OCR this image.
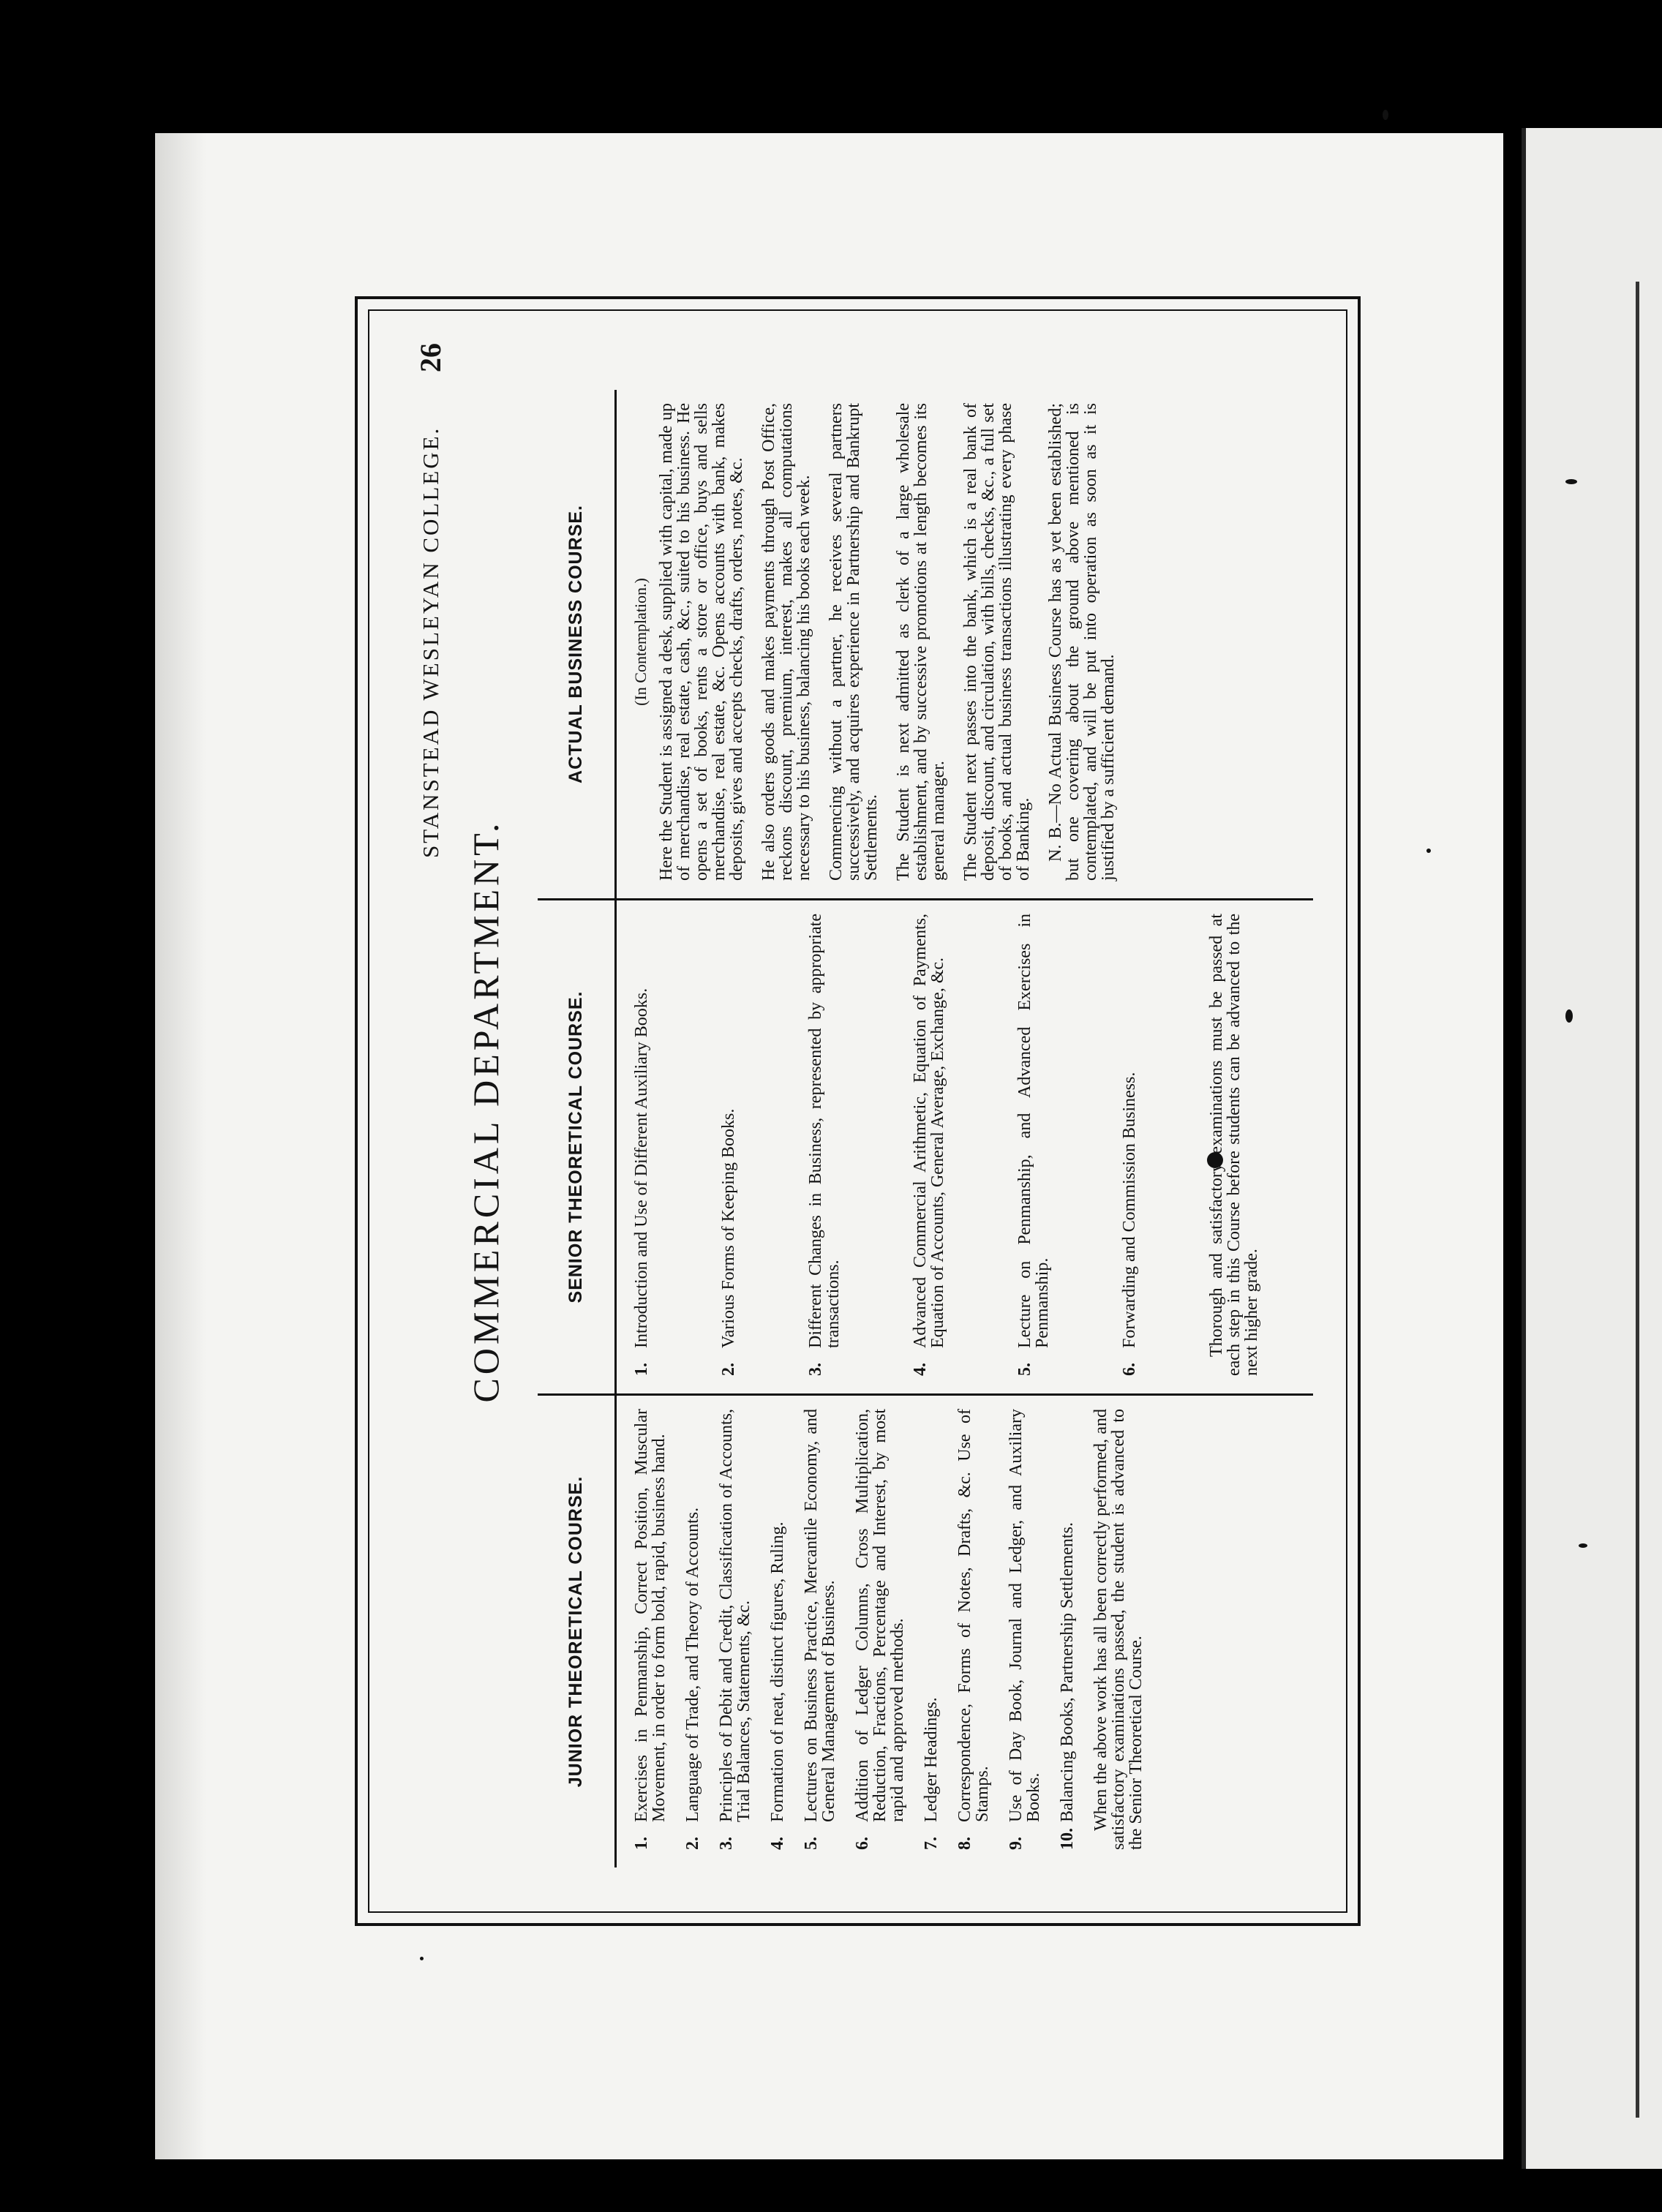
26
STANSTEAD WESLEYAN COLLEGE.
COMMERCIAL DEPARTMENT.
JUNIOR THEORETICAL COURSE.
1.
Exercises in Penmanship, Correct Position, Muscular Movement, in order to form bold, rapid, business hand.
2.
Language of Trade, and Theory of Accounts.
3.
Principles of Debit and Credit, Classification of Accounts, Trial Balances, Statements, &c.
4.
Formation of neat, distinct figures, Ruling.
5.
Lectures on Business Practice, Mercantile Economy, and General Management of Business.
6.
Addition of Ledger Columns, Cross Multiplication, Reduction, Fractions, Percentage and Interest, by most rapid and approved methods.
7.
Ledger Headings.
8.
Correspondence, Forms of Notes, Drafts, &c. Use of Stamps.
9.
Use of Day Book, Journal and Ledger, and Auxiliary Books.
10.
Balancing Books, Partnership Settlements. When the above work has all been correctly performed, and satisfactory examinations passed, the student is advanced to the Senior Theoretical Course.
SENIOR THEORETICAL COURSE.
1.
Introduction and Use of Different Auxiliary Books.
2.
Various Forms of Keeping Books.
3.
Different Changes in Business, represented by appropriate transactions.
4.
Advanced Commercial Arithmetic, Equation of Payments, Equation of Accounts, General Average, Exchange, &c.
5.
Lecture on Penmanship, and Advanced Exercises in Penmanship.
6.
Forwarding and Commission Business.	Thorough and satisfactory examinations must be passed at each step in this Course before students can be advanced to the next higher grade.
ACTUAL BUSINESS COURSE.	(In Contemplation.) Here the Student is assigned a desk, supplied with capital, made up of merchandise, real estate, cash, &c., suited to his business. He opens a set of books, rents a store or office, buys and sells merchandise, real estate, &c. Opens accounts with bank, makes deposits, gives and accepts checks, drafts, orders, notes, &c. He also orders goods and makes payments through Post Office, reckons discount, premium, interest, makes all computations necessary to his business, balancing his books each week. Commencing without a partner, he receives several partners successively, and acquires experience in Partnership and Bankrupt Settlements. The Student is next admitted as clerk of a large wholesale establishment, and by successive promotions at length becomes its general manager. The Student next passes into the bank, which is a real bank of deposit, discount, and circulation, with bills, checks, &c., a full set of books, and actual business transactions illustrating every phase of Banking. N. B.—No Actual Business Course has as yet been established; but one covering about the ground above mentioned is contemplated, and will be put into operation as soon as it is justified by a sufficient demand.
